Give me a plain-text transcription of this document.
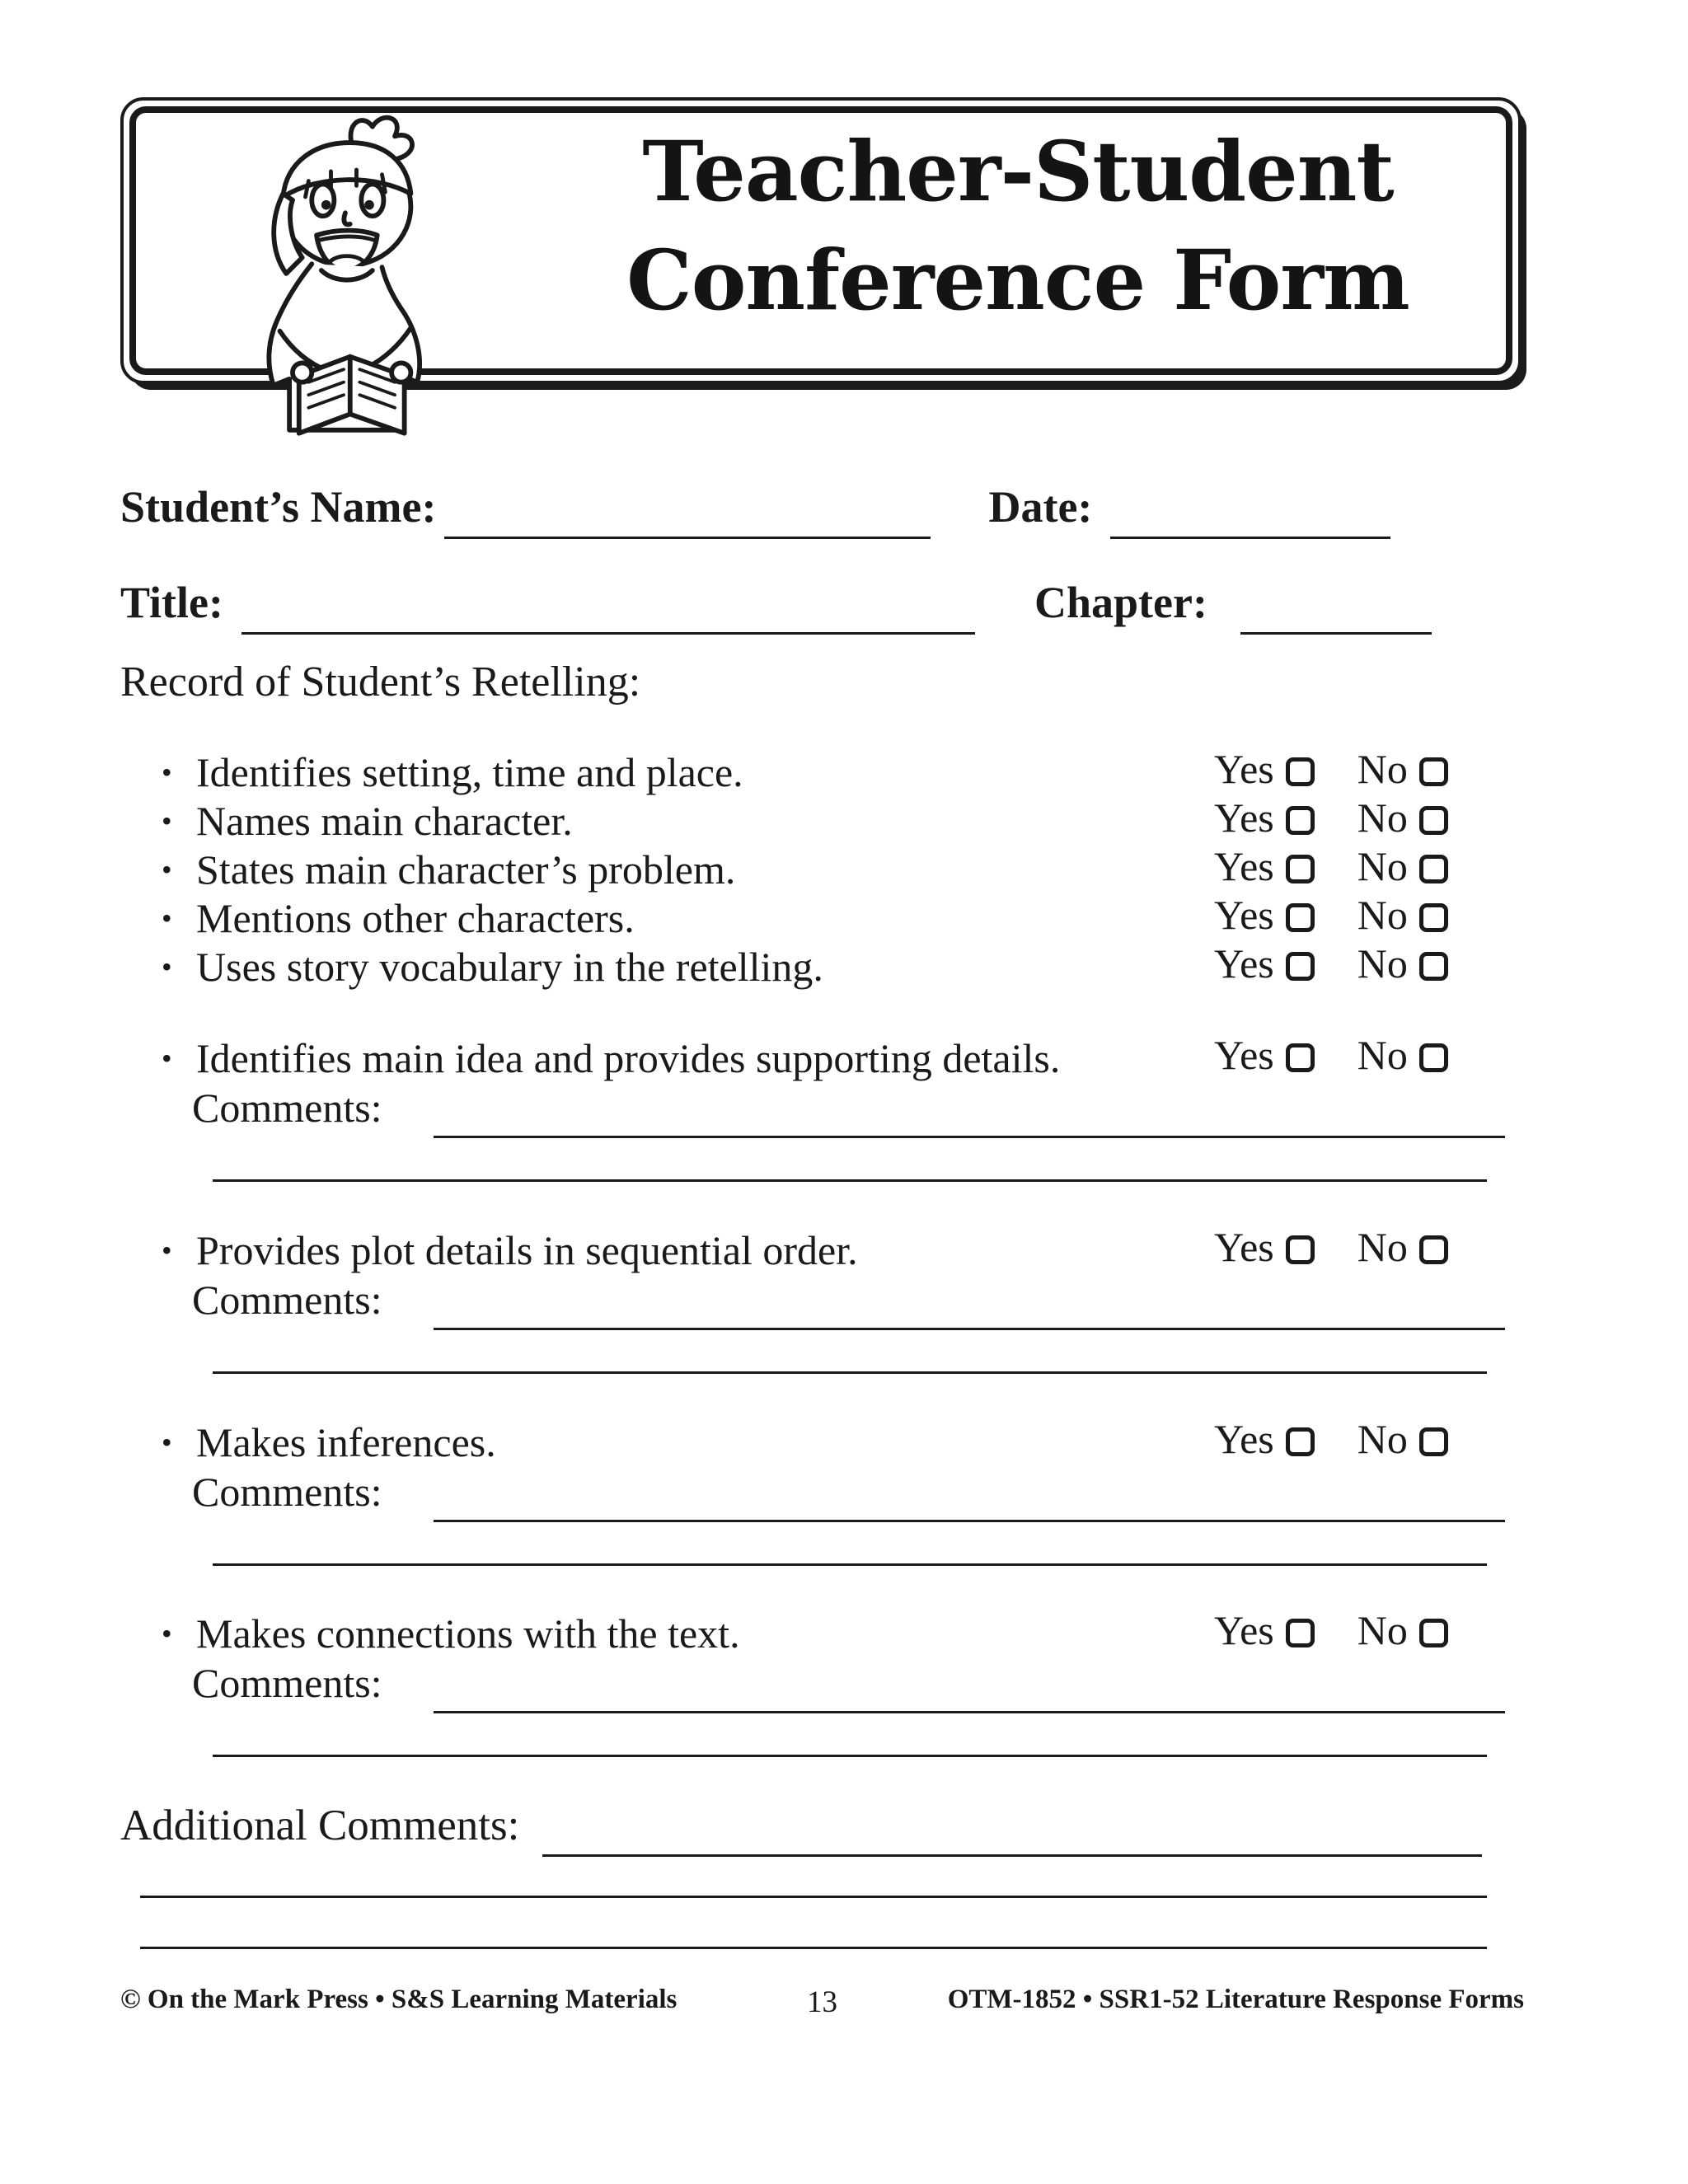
Teacher-Student
Conference Form
Student’s Name:	Date:
Title:	Chapter:
Record of Student’s Retelling:
• Identifies setting, time and place.	Yes No
• Names main character.	Yes No
• States main character’s problem.	Yes No
• Mentions other characters.	Yes No
• Uses story vocabulary in the retelling.	Yes No
• Identifies main idea and provides supporting details.	Yes No
Comments:
• Provides plot details in sequential order.	Yes No
Comments:
• Makes inferences.	Yes No
Comments:
• Makes connections with the text.	Yes No
Comments:
Additional Comments:
© On the Mark Press • S&S Learning Materials	13	OTM-1852 • SSR1-52 Literature Response Forms
